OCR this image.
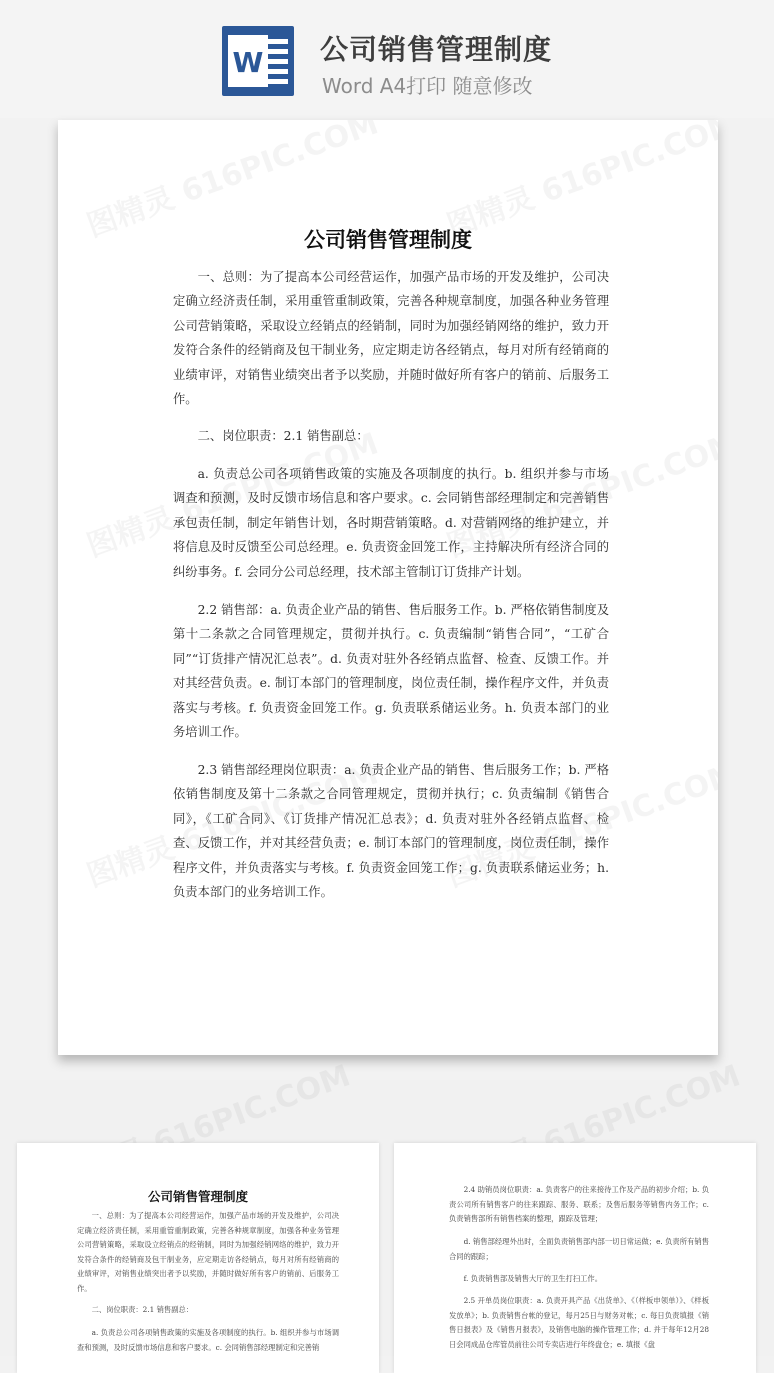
W 公司销售管理制度
Word A4打印 随意修改
公司销售管理制度

一、总则：为了提高本公司经营运作，加强产品市场的开发及维护，公司决定确立经济责任制，采用重管重制政策，完善各种规章制度，加强各种业务管理公司营销策略，采取设立经销点的经销制，同时为加强经销网络的维护，致力开发符合条件的经销商及包干制业务，应定期走访各经销点，每月对所有经销商的业绩审评，对销售业绩突出者予以奖励，并随时做好所有客户的销前、后服务工作。

二、岗位职责：2.1 销售副总：

a. 负责总公司各项销售政策的实施及各项制度的执行。b. 组织并参与市场调查和预测，及时反馈市场信息和客户要求。c. 会同销售部经理制定和完善销售承包责任制，制定年销售计划，各时期营销策略。d. 对营销网络的维护建立，并将信息及时反馈至公司总经理。e. 负责资金回笼工作，主持解决所有经济合同的纠纷事务。f. 会同分公司总经理，技术部主管制订订货排产计划。

2.2 销售部：a. 负责企业产品的销售、售后服务工作。b. 严格依销售制度及第十二条款之合同管理规定，贯彻并执行。c. 负责编制“销售合同”，“工矿合同”“订货排产情况汇总表”。d. 负责对驻外各经销点监督、检查、反馈工作。并对其经营负责。e. 制订本部门的管理制度，岗位责任制，操作程序文件，并负责落实与考核。f. 负责资金回笼工作。g. 负责联系储运业务。h. 负责本部门的业务培训工作。

2.3 销售部经理岗位职责：a. 负责企业产品的销售、售后服务工作；b. 严格依销售制度及第十二条款之合同管理规定，贯彻并执行；c. 负责编制《销售合同》，《工矿合同》、《订货排产情况汇总表》；d. 负责对驻外各经销点监督、检查、反馈工作，并对其经营负责；e. 制订本部门的管理制度，岗位责任制，操作程序文件，并负责落实与考核。f. 负责资金回笼工作；g. 负责联系储运业务；h. 负责本部门的业务培训工作。

公司销售管理制度

一、总则：为了提高本公司经营运作，加强产品市场的开发及维护，公司决定确立经济责任制，采用重管重制政策，完善各种规章制度，加强各种业务管理公司营销策略，采取设立经销点的经销制，同时为加强经销网络的维护，致力开发符合条件的经销商及包干制业务，应定期走访各经销点，每月对所有经销商的业绩审评，对销售业绩突出者予以奖励，并随时做好所有客户的销前、后服务工作。

二、岗位职责：2.1 销售副总：

a. 负责总公司各项销售政策的实施及各项制度的执行。b. 组织并参与市场调查和预测，及时反馈市场信息和客户要求。c. 会同销售部经理制定和完善销

2.4 助销员岗位职责：a. 负责客户的往来接待工作及产品的初步介绍；b. 负责公司所有销售客户的往来跟踪、服务、联系；及售后服务等销售内务工作；c. 负责销售部所有销售档案的整理，跟踪及管理；

d. 销售部经理外出时，全面负责销售部内部一切日常运做；e. 负责所有销售合同的跟踪；

f. 负责销售部及销售大厅的卫生打扫工作。

2.5 开单员岗位职责：a. 负责开具产品《出货单》、《（样板申领单）》、《样板发放单》；b. 负责销售台帐的登记，每月25日与财务对帐；c. 每日负责填报《销售日报表》及《销售月报表》，及销售电脑的操作管理工作；d. 并于每年12月28日会同成品仓库管员前往公司专卖店进行年终盘仓；e. 填报《盘
